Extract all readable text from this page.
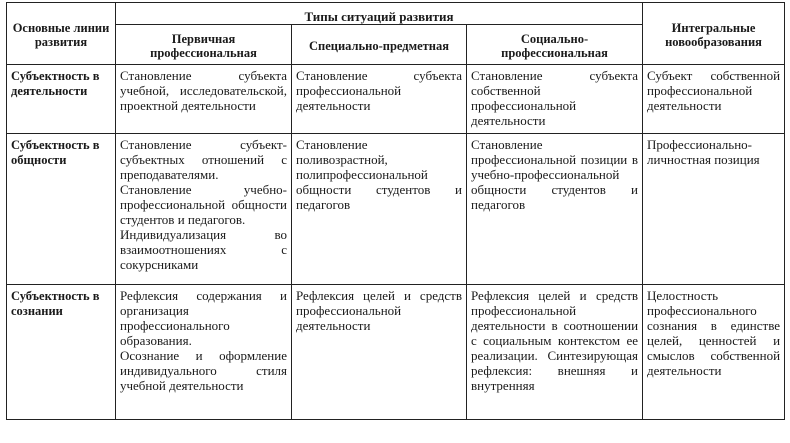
Основные линии развития	Типы ситуаций развития			Интегральные новообразования
	Первичная профессиональная	Специально-предметная	Социально-профессиональная	
Субъектность в деятельности	Становление субъекта учебной, исследовательской, проектной деятельности	Становление субъекта профессиональной деятельности	Становление субъекта собственной профессиональной деятельности	Субъект собственной профессиональной деятельности

Субъектность в общности	Становление субъект-субъектных отношений с преподавателями.
Становление учебно-профессиональной общности студентов и педагогов.
Индивидуализация во взаимоотношениях с сокурсниками	Становление поливозрастной, полипрофессиональной общности студентов и педагогов	Становление профессиональной позиции в учебно-профессиональной общности студентов и педагогов	Профессионально-личностная позиция

Субъектность в сознании	Рефлексия содержания и организация профессионального образования.
Осознание и оформление индивидуального стиля учебной деятельности	Рефлексия целей и средств профессиональной деятельности	Рефлексия целей и средств профессиональной деятельности в соотношении с социальным контекстом ее реализации. Синтезирующая рефлексия: внешняя и внутренняя	Целостность профессионального сознания в единстве целей, ценностей и смыслов собственной деятельности
